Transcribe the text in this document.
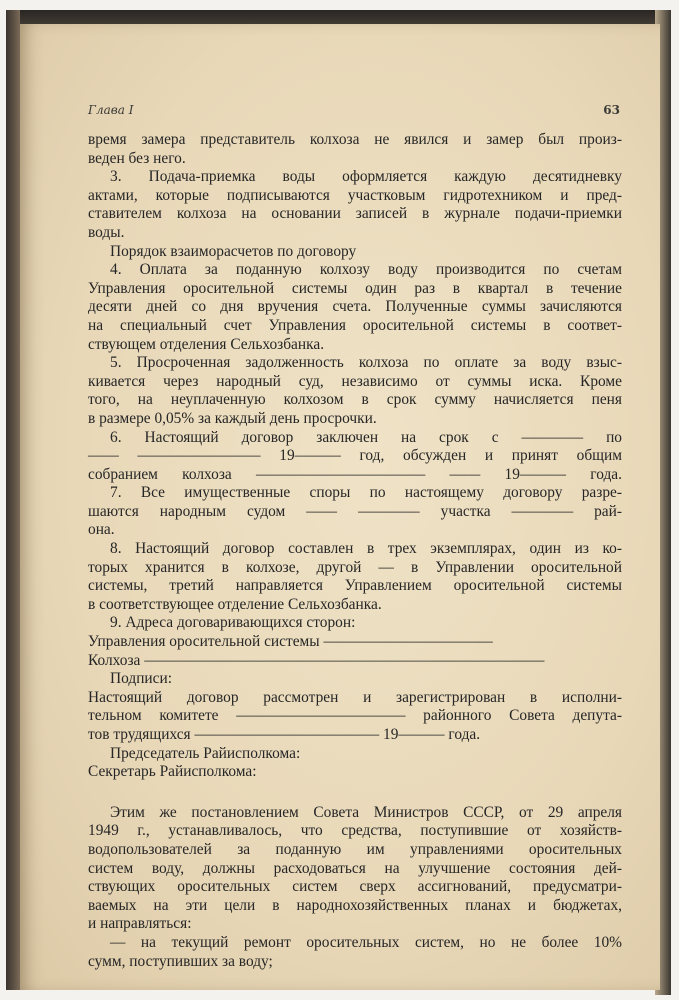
Глава I	63
время замера представитель колхоза не явился и замер был произ-
веден без него.
3. Подача-приемка воды оформляется каждую десятидневку
актами, которые подписываются участковым гидротехником и пред-
ставителем колхоза на основании записей в журнале подачи-приемки
воды.
Порядок взаиморасчетов по договору
4. Оплата за поданную колхозу воду производится по счетам
Управления оросительной системы один раз в квартал в течение
десяти дней со дня вручения счета. Полученные суммы зачисляются
на специальный счет Управления оросительной системы в соответ-
ствующем отделения Сельхозбанка.
5. Просроченная задолженность колхоза по оплате за воду взыс-
кивается через народный суд, независимо от суммы иска. Кроме
того, на неуплаченную колхозом в срок сумму начисляется пеня
в размере 0,05% за каждый день просрочки.
6. Настоящий договор заключен на срок с ———— по
—— ———————— 19——— год, обсужден и принят общим
собранием колхоза ——————————— —— 19——— года.
7. Все имущественные споры по настоящему договору разре-
шаются народным судом —— ———— участка ———— рай-
она.
8. Настоящий договор составлен в трех экземплярах, один из ко-
торых хранится в колхозе, другой — в Управлении оросительной
системы, третий направляется Управлением оросительной системы
в соответствующее отделение Сельхозбанка.
9. Адреса договаривающихся сторон:
Управления оросительной системы ———————————
Колхоза ——————————————————————————
Подписи:
Настоящий договор рассмотрен и зарегистрирован в исполни-
тельном комитете ——————————— районного Совета депута-
тов трудящихся ———————————— 19——— года.
Председатель Райисполкома:
Секретарь Райисполкома:
Этим же постановлением Совета Министров СССР, от 29 апреля
1949 г., устанавливалось, что средства, поступившие от хозяйств-
водопользователей за поданную им управлениями оросительных
систем воду, должны расходоваться на улучшение состояния дей-
ствующих оросительных систем сверх ассигнований, предусматри-
ваемых на эти цели в народнохозяйственных планах и бюджетах,
и направляться:
— на текущий ремонт оросительных систем, но не более 10%
сумм, поступивших за воду;
